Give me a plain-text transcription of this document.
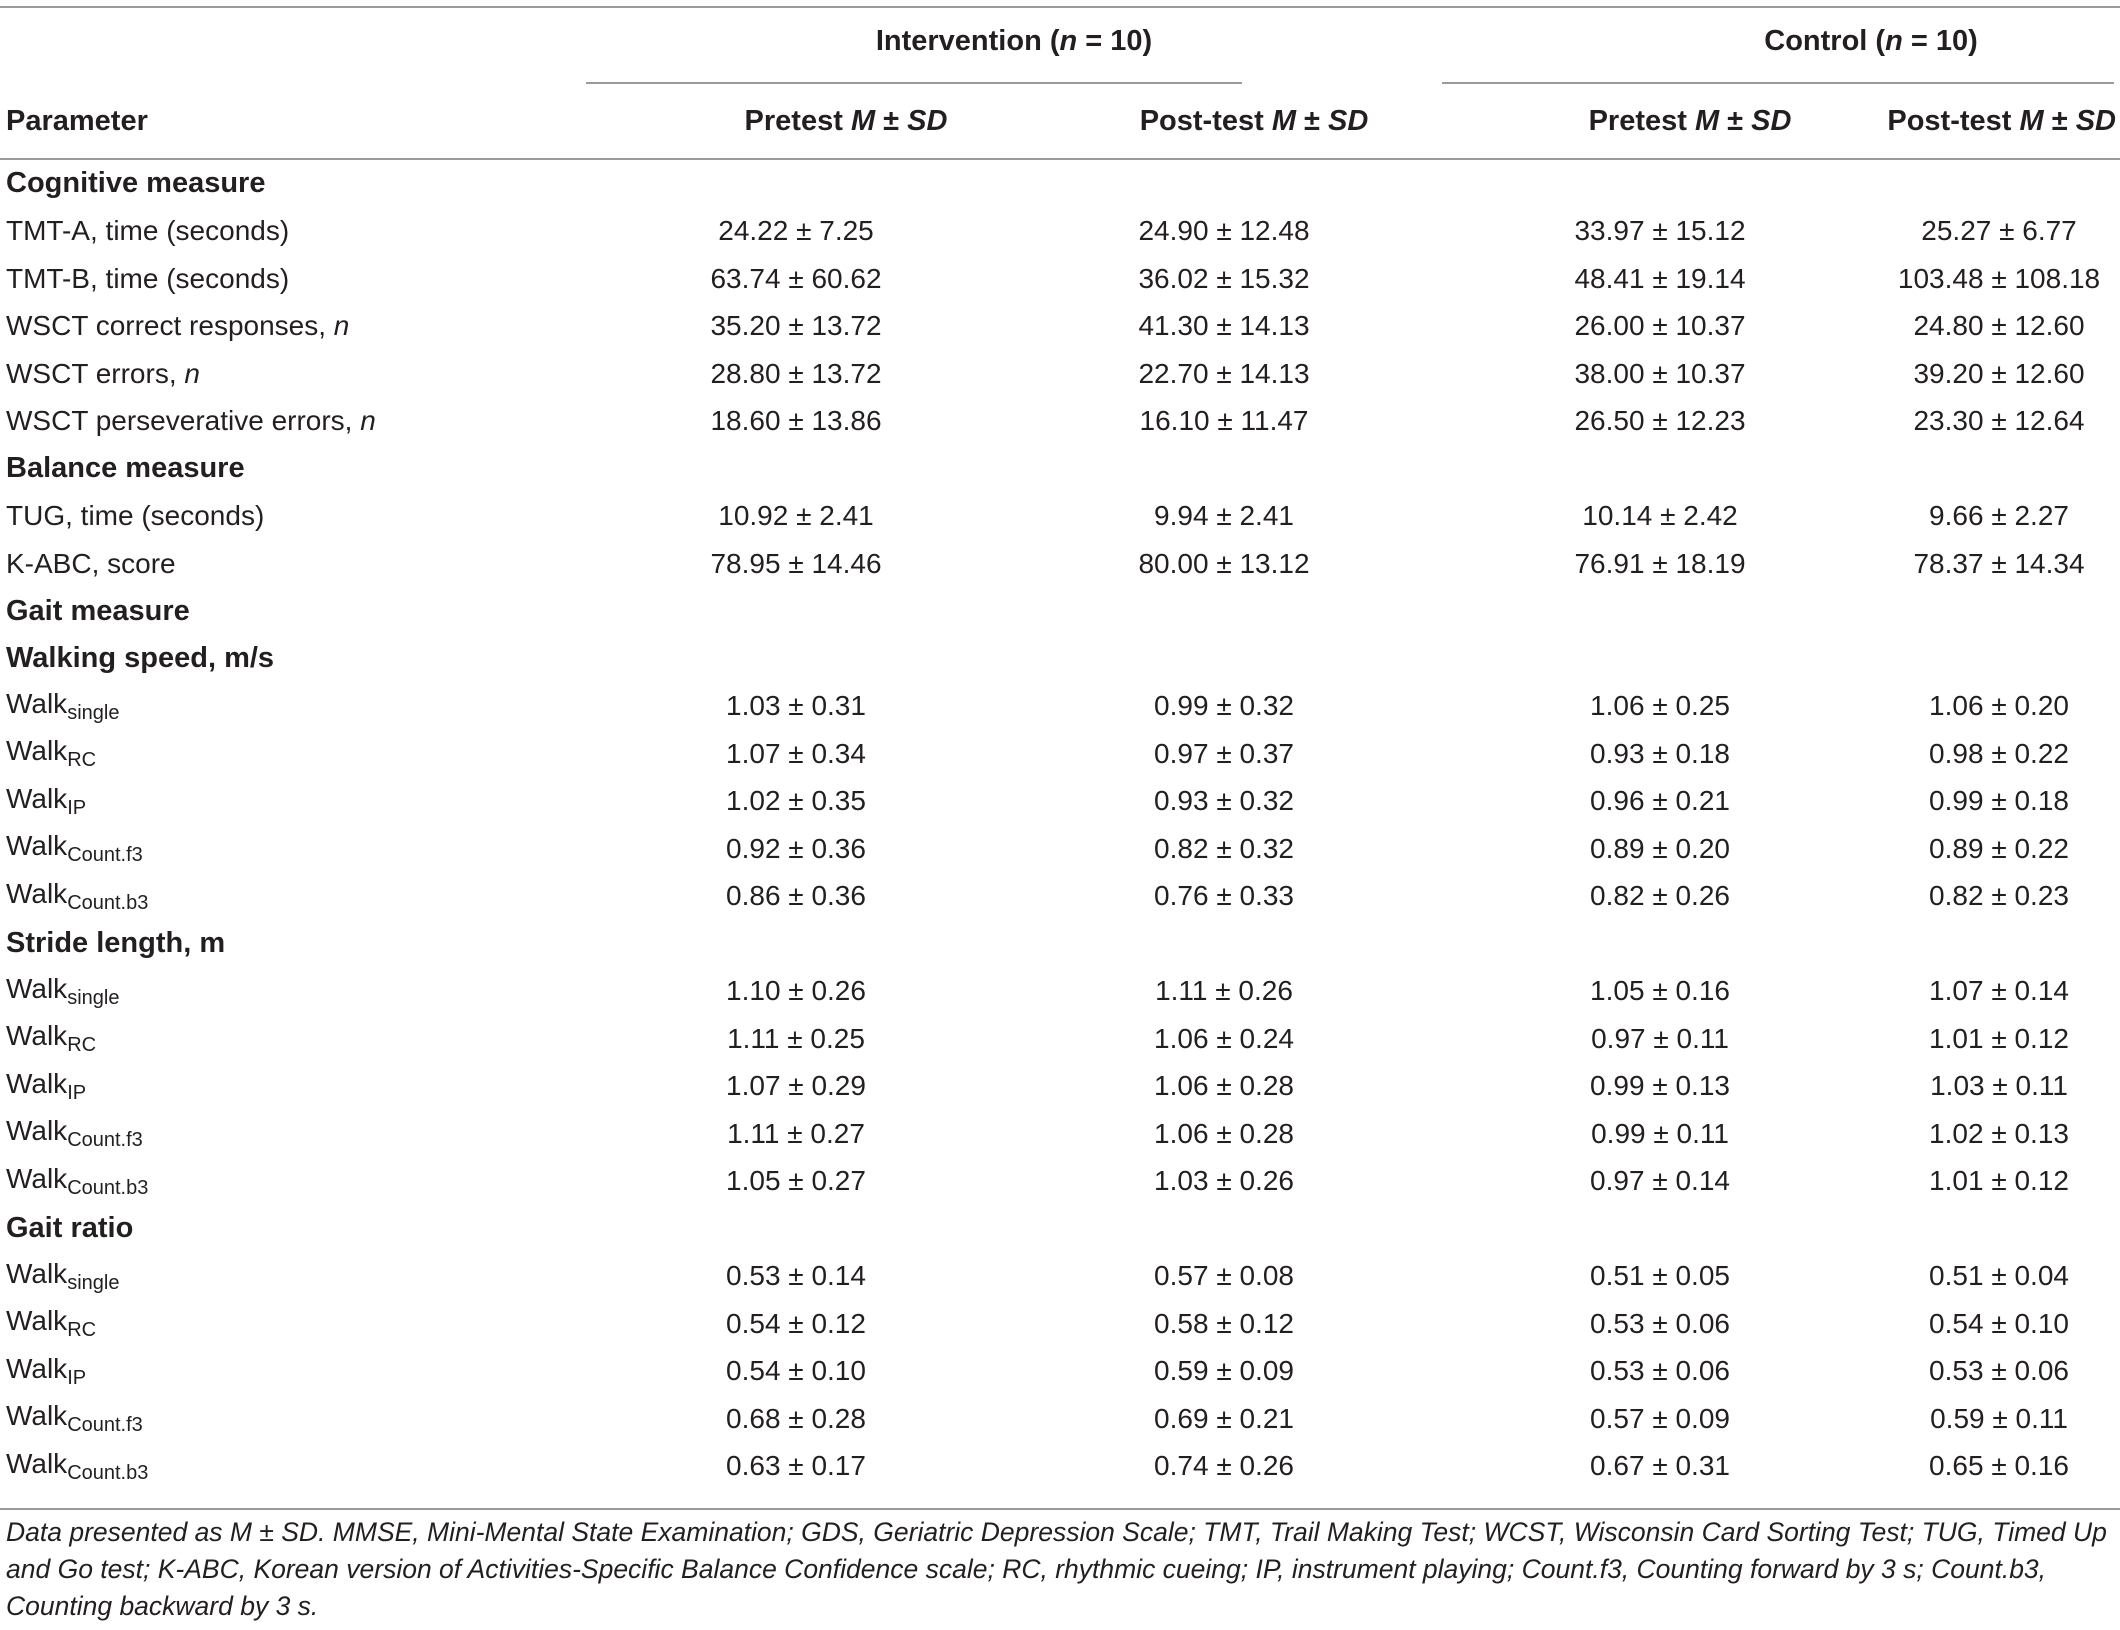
	Intervention (n = 10)		Control (n = 10)	
Parameter	Pretest M ± SD	Post-test M ± SD	Pretest M ± SD	Post-test M ± SD
Cognitive measure				
TMT-A, time (seconds)	24.22 ± 7.25	24.90 ± 12.48	33.97 ± 15.12	25.27 ± 6.77
TMT-B, time (seconds)	63.74 ± 60.62	36.02 ± 15.32	48.41 ± 19.14	103.48 ± 108.18
WSCT correct responses, n	35.20 ± 13.72	41.30 ± 14.13	26.00 ± 10.37	24.80 ± 12.60
WSCT errors, n	28.80 ± 13.72	22.70 ± 14.13	38.00 ± 10.37	39.20 ± 12.60
WSCT perseverative errors, n	18.60 ± 13.86	16.10 ± 11.47	26.50 ± 12.23	23.30 ± 12.64
Balance measure				
TUG, time (seconds)	10.92 ± 2.41	9.94 ± 2.41	10.14 ± 2.42	9.66 ± 2.27
K-ABC, score	78.95 ± 14.46	80.00 ± 13.12	76.91 ± 18.19	78.37 ± 14.34
Gait measure				
Walking speed, m/s				
Walk$_{single}$	1.03 ± 0.31	0.99 ± 0.32	1.06 ± 0.25	1.06 ± 0.20
Walk$_{RC}$	1.07 ± 0.34	0.97 ± 0.37	0.93 ± 0.18	0.98 ± 0.22
Walk$_{IP}$	1.02 ± 0.35	0.93 ± 0.32	0.96 ± 0.21	0.99 ± 0.18
Walk$_{Count.f3}$	0.92 ± 0.36	0.82 ± 0.32	0.89 ± 0.20	0.89 ± 0.22
Walk$_{Count.b3}$	0.86 ± 0.36	0.76 ± 0.33	0.82 ± 0.26	0.82 ± 0.23
Stride length, m				
Walk$_{single}$	1.10 ± 0.26	1.11 ± 0.26	1.05 ± 0.16	1.07 ± 0.14
Walk$_{RC}$	1.11 ± 0.25	1.06 ± 0.24	0.97 ± 0.11	1.01 ± 0.12
Walk$_{IP}$	1.07 ± 0.29	1.06 ± 0.28	0.99 ± 0.13	1.03 ± 0.11
Walk$_{Count.f3}$	1.11 ± 0.27	1.06 ± 0.28	0.99 ± 0.11	1.02 ± 0.13
Walk$_{Count.b3}$	1.05 ± 0.27	1.03 ± 0.26	0.97 ± 0.14	1.01 ± 0.12
Gait ratio				
Walk$_{single}$	0.53 ± 0.14	0.57 ± 0.08	0.51 ± 0.05	0.51 ± 0.04
Walk$_{RC}$	0.54 ± 0.12	0.58 ± 0.12	0.53 ± 0.06	0.54 ± 0.10
Walk$_{IP}$	0.54 ± 0.10	0.59 ± 0.09	0.53 ± 0.06	0.53 ± 0.06
Walk$_{Count.f3}$	0.68 ± 0.28	0.69 ± 0.21	0.57 ± 0.09	0.59 ± 0.11
Walk$_{Count.b3}$	0.63 ± 0.17	0.74 ± 0.26	0.67 ± 0.31	0.65 ± 0.16
Data presented as M ± SD. MMSE, Mini-Mental State Examination; GDS, Geriatric Depression Scale; TMT, Trail Making Test; WCST, Wisconsin Card Sorting Test; TUG, Timed Up and Go test; K-ABC, Korean version of Activities-Specific Balance Confidence scale; RC, rhythmic cueing; IP, instrument playing; Count.f3, Counting forward by 3 s; Count.b3, Counting backward by 3 s.
